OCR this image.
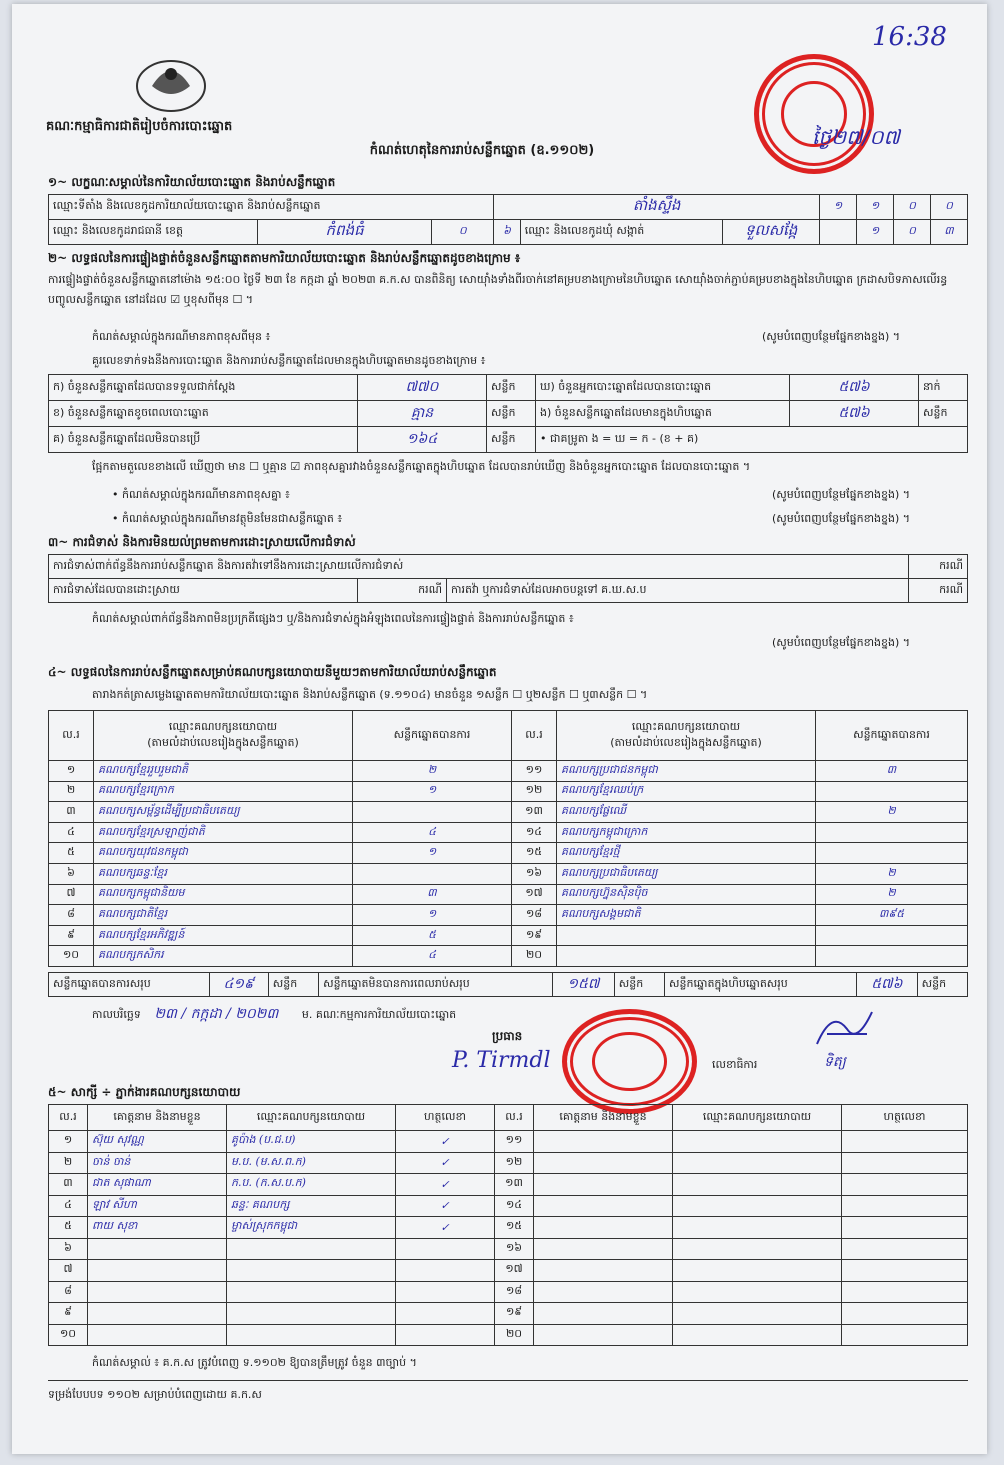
គណៈកម្មាធិការជាតិរៀបចំការបោះឆ្នោត
16:38
ថ្ងៃ២៧/០៧
កំណត់ហេតុនៃការរាប់សន្លឹកឆ្នោត (ឧ.១១០២)
១~ លក្ខណៈសម្គាល់នៃការិយាល័យបោះឆ្នោត និងរាប់សន្លឹកឆ្នោត
ឈ្មោះទីតាំង និងលេខកូដការិយាល័យបោះឆ្នោត និងរាប់សន្លឹកឆ្នោត			តាំងស្ទឹង			១	១	០	០
ឈ្មោះ និងលេខកូដរាជធានី ខេត្ត	កំពង់ធំ	០	៦	ឈ្មោះ និងលេខកូដឃុំ សង្កាត់	ទួលសង្កែ		១	០	៣
២~ លទ្ធផលនៃការផ្ទៀងផ្ទាត់ចំនួនសន្លឹកឆ្នោតតាមការិយាល័យបោះឆ្នោត និងរាប់សន្លឹកឆ្នោតដូចខាងក្រោម ៖
ការផ្ទៀងផ្ទាត់ចំនួនសន្លឹកឆ្នោតនៅម៉ោង ១៥:០០ ថ្ងៃទី ២៣ ខែ កក្កដា ឆ្នាំ ២០២៣ គ.ក.ស បានពិនិត្យ សោយ៉ាំងទាំងពីរចាក់នៅគម្របខាងក្រោមនៃហិបឆ្នោត សោយ៉ាំងចាក់ភ្ជាប់គម្របខាងក្នុងនៃហិបឆ្នោត ក្រដាសបិទភាសលើរន្ធបញ្ចូលសន្លឹកឆ្នោត នៅដដែល ☑ ឬខុសពីមុន ☐ ។
កំណត់សម្គាល់ក្នុងករណីមានភាពខុសពីមុន ៖	(សូមបំពេញបន្ថែមផ្នែកខាងខ្នង) ។
គួរលេខទាក់ទងនឹងការបោះឆ្នោត និងការរាប់សន្លឹកឆ្នោតដែលមានក្នុងហិបឆ្នោតមានដូចខាងក្រោម ៖
ក) ចំនួនសន្លឹកឆ្នោតដែលបានទទួលជាក់ស្តែង	៧៧០	សន្លឹក	ឃ) ចំនួនអ្នកបោះឆ្នោតដែលបានបោះឆ្នោត	៥៧៦	នាក់
ខ) ចំនួនសន្លឹកឆ្នោតខូចពេលបោះឆ្នោត	គ្មាន	សន្លឹក	ង) ចំនួនសន្លឹកឆ្នោតដែលមានក្នុងហិបឆ្នោត	៥៧៦	សន្លឹក
គ) ចំនួនសន្លឹកឆ្នោតដែលមិនបានប្រើ	១៦៤	សន្លឹក	• ជាគម្រូតា ង = ឃ = ក - (ខ + គ)		
ផ្អែកតាមតួលេខខាងលើ ឃើញថា មាន ☐ ឬគ្មាន ☑ ភាពខុសគ្នារវាងចំនួនសន្លឹកឆ្នោតក្នុងហិបឆ្នោត ដែលបានរាប់ឃើញ និងចំនួនអ្នកបោះឆ្នោត ដែលបានបោះឆ្នោត ។
• កំណត់សម្គាល់ក្នុងករណីមានភាពខុសគ្នា ៖	(សូមបំពេញបន្ថែមផ្នែកខាងខ្នង) ។
• កំណត់សម្គាល់ក្នុងករណីមានវត្ថុមិនមែនជាសន្លឹកឆ្នោត ៖	(សូមបំពេញបន្ថែមផ្នែកខាងខ្នង) ។
៣~ ការជំទាស់ និងការមិនយល់ព្រមតាមការដោះស្រាយលើការជំទាស់
ការជំទាស់ពាក់ព័ន្ធនឹងការរាប់សន្លឹកឆ្នោត និងការតវ៉ាទៅនឹងការដោះស្រាយលើការជំទាស់			ករណី
ការជំទាស់ដែលបានដោះស្រាយ	ករណី	ការតវ៉ា ឬការជំទាស់ដែលអាចបន្តទៅ គ.ឃ.ស.ប	ករណី
កំណត់សម្គាល់ពាក់ព័ន្ធនឹងភាពមិនប្រក្រតីផ្សេងៗ ឬ/និងការជំទាស់ក្នុងអំឡុងពេលនៃការផ្ទៀងផ្ទាត់ និងការរាប់សន្លឹកឆ្នោត ៖
(សូមបំពេញបន្ថែមផ្នែកខាងខ្នង) ។
៤~ លទ្ធផលនៃការរាប់សន្លឹកឆ្នោតសម្រាប់គណបក្សនយោបាយនីមួយៗតាមការិយាល័យរាប់សន្លឹកឆ្នោត
តារាងកត់ត្រាសម្លេងឆ្នោតតាមការិយាល័យបោះឆ្នោត និងរាប់សន្លឹកឆ្នោត (ទ.១១០៤) មានចំនួន ១សន្លឹក ☐ ឬ២សន្លឹក ☐ ឬ៣សន្លឹក ☐ ។
ល.រ	ឈ្មោះគណបក្សនយោបាយ
(តាមលំដាប់លេខរៀងក្នុងសន្លឹកឆ្នោត)	សន្លឹកឆ្នោតបានការ	ល.រ	ឈ្មោះគណបក្សនយោបាយ
(តាមលំដាប់លេខរៀងក្នុងសន្លឹកឆ្នោត)	សន្លឹកឆ្នោតបានការ
១	គណបក្សខ្មែររួបរួមជាតិ	២	១១	គណបក្សប្រជាជនកម្ពុជា	៣
២	គណបក្សខ្មែរក្រោក	១	១២	គណបក្សខ្មែរឈប់ក្រ	
៣	គណបក្សសម្ព័ន្ធដើម្បីប្រជាធិបតេយ្យ		១៣	គណបក្សផ្លែឈើ	២
៤	គណបក្សខ្មែរស្រឡាញ់ជាតិ	៤	១៤	គណបក្សកម្ពុជាក្រោក	
៥	គណបក្សយុវជនកម្ពុជា	១	១៥	គណបក្សខ្មែរថ្មី	
៦	គណបក្សឆន្ទៈខ្មែរ		១៦	គណបក្សប្រជាធិបតេយ្យ	២
៧	គណបក្សកម្ពុជានិយម	៣	១៧	គណបក្សហ្វ៊ុនស៊ិនប៉ិច	២
៨	គណបក្សជាតិខ្មែរ	១	១៨	គណបក្សសង្គមជាតិ	៣៩៥
៩	គណបក្សខ្មែរអភិវឌ្ឍន៍	៥	១៩		
១០	គណបក្សកសិករ	៤	២០		
សន្លឹកឆ្នោតបានការសរុប	៤១៩	សន្លឹក	សន្លឹកឆ្នោតមិនបានការពេលរាប់សរុប	១៥៧	សន្លឹក	សន្លឹកឆ្នោតក្នុងហិបឆ្នោតសរុប	៥៧៦	សន្លឹក
កាលបរិច្ឆេទ ២៣ / កក្កដា / ២០២៣ ម. គណៈកម្មការការិយាល័យបោះឆ្នោត
ប្រធាន
P. Tirmdl	លេខាធិការ	ទិត្យ
៥~ សាក្សី ÷ ភ្នាក់ងារគណបក្សនយោបាយ
ល.រ	គោត្តនាម និងនាមខ្លួន	ឈ្មោះគណបក្សនយោបាយ	ហត្ថលេខា	ល.រ	គោត្តនាម និងនាមខ្លួន	ឈ្មោះគណបក្សនយោបាយ	ហត្ថលេខា
១	ស៊ុយ សុវណ្ណ	គូប៉ាង (ប.ជ.ប)	✓	១១			
២	ចាន់ ចាន់	ម.ប. (ម.ស.ព.ក)	✓	១២			
៣	ជាត សុផាណា	ក.ប. (ក.ស.ប.ក)	✓	១៣			
៤	ឡាវ សីហា	ឆន្ទៈ គណបក្ស	✓	១៤			
៥	ពាយ សុខា	ម្ចាស់ស្រុកកម្ពុជា	✓	១៥			
៦				១៦			
៧				១៧			
៨				១៨			
៩				១៩			
១០				២០			
កំណត់សម្គាល់ ៖ គ.ក.ស ត្រូវបំពេញ ទ.១១០២ ឱ្យបានត្រឹមត្រូវ ចំនួន ៣ច្បាប់ ។
ទម្រង់បែបបទ ១១០២ សម្រាប់បំពេញដោយ គ.ក.ស
